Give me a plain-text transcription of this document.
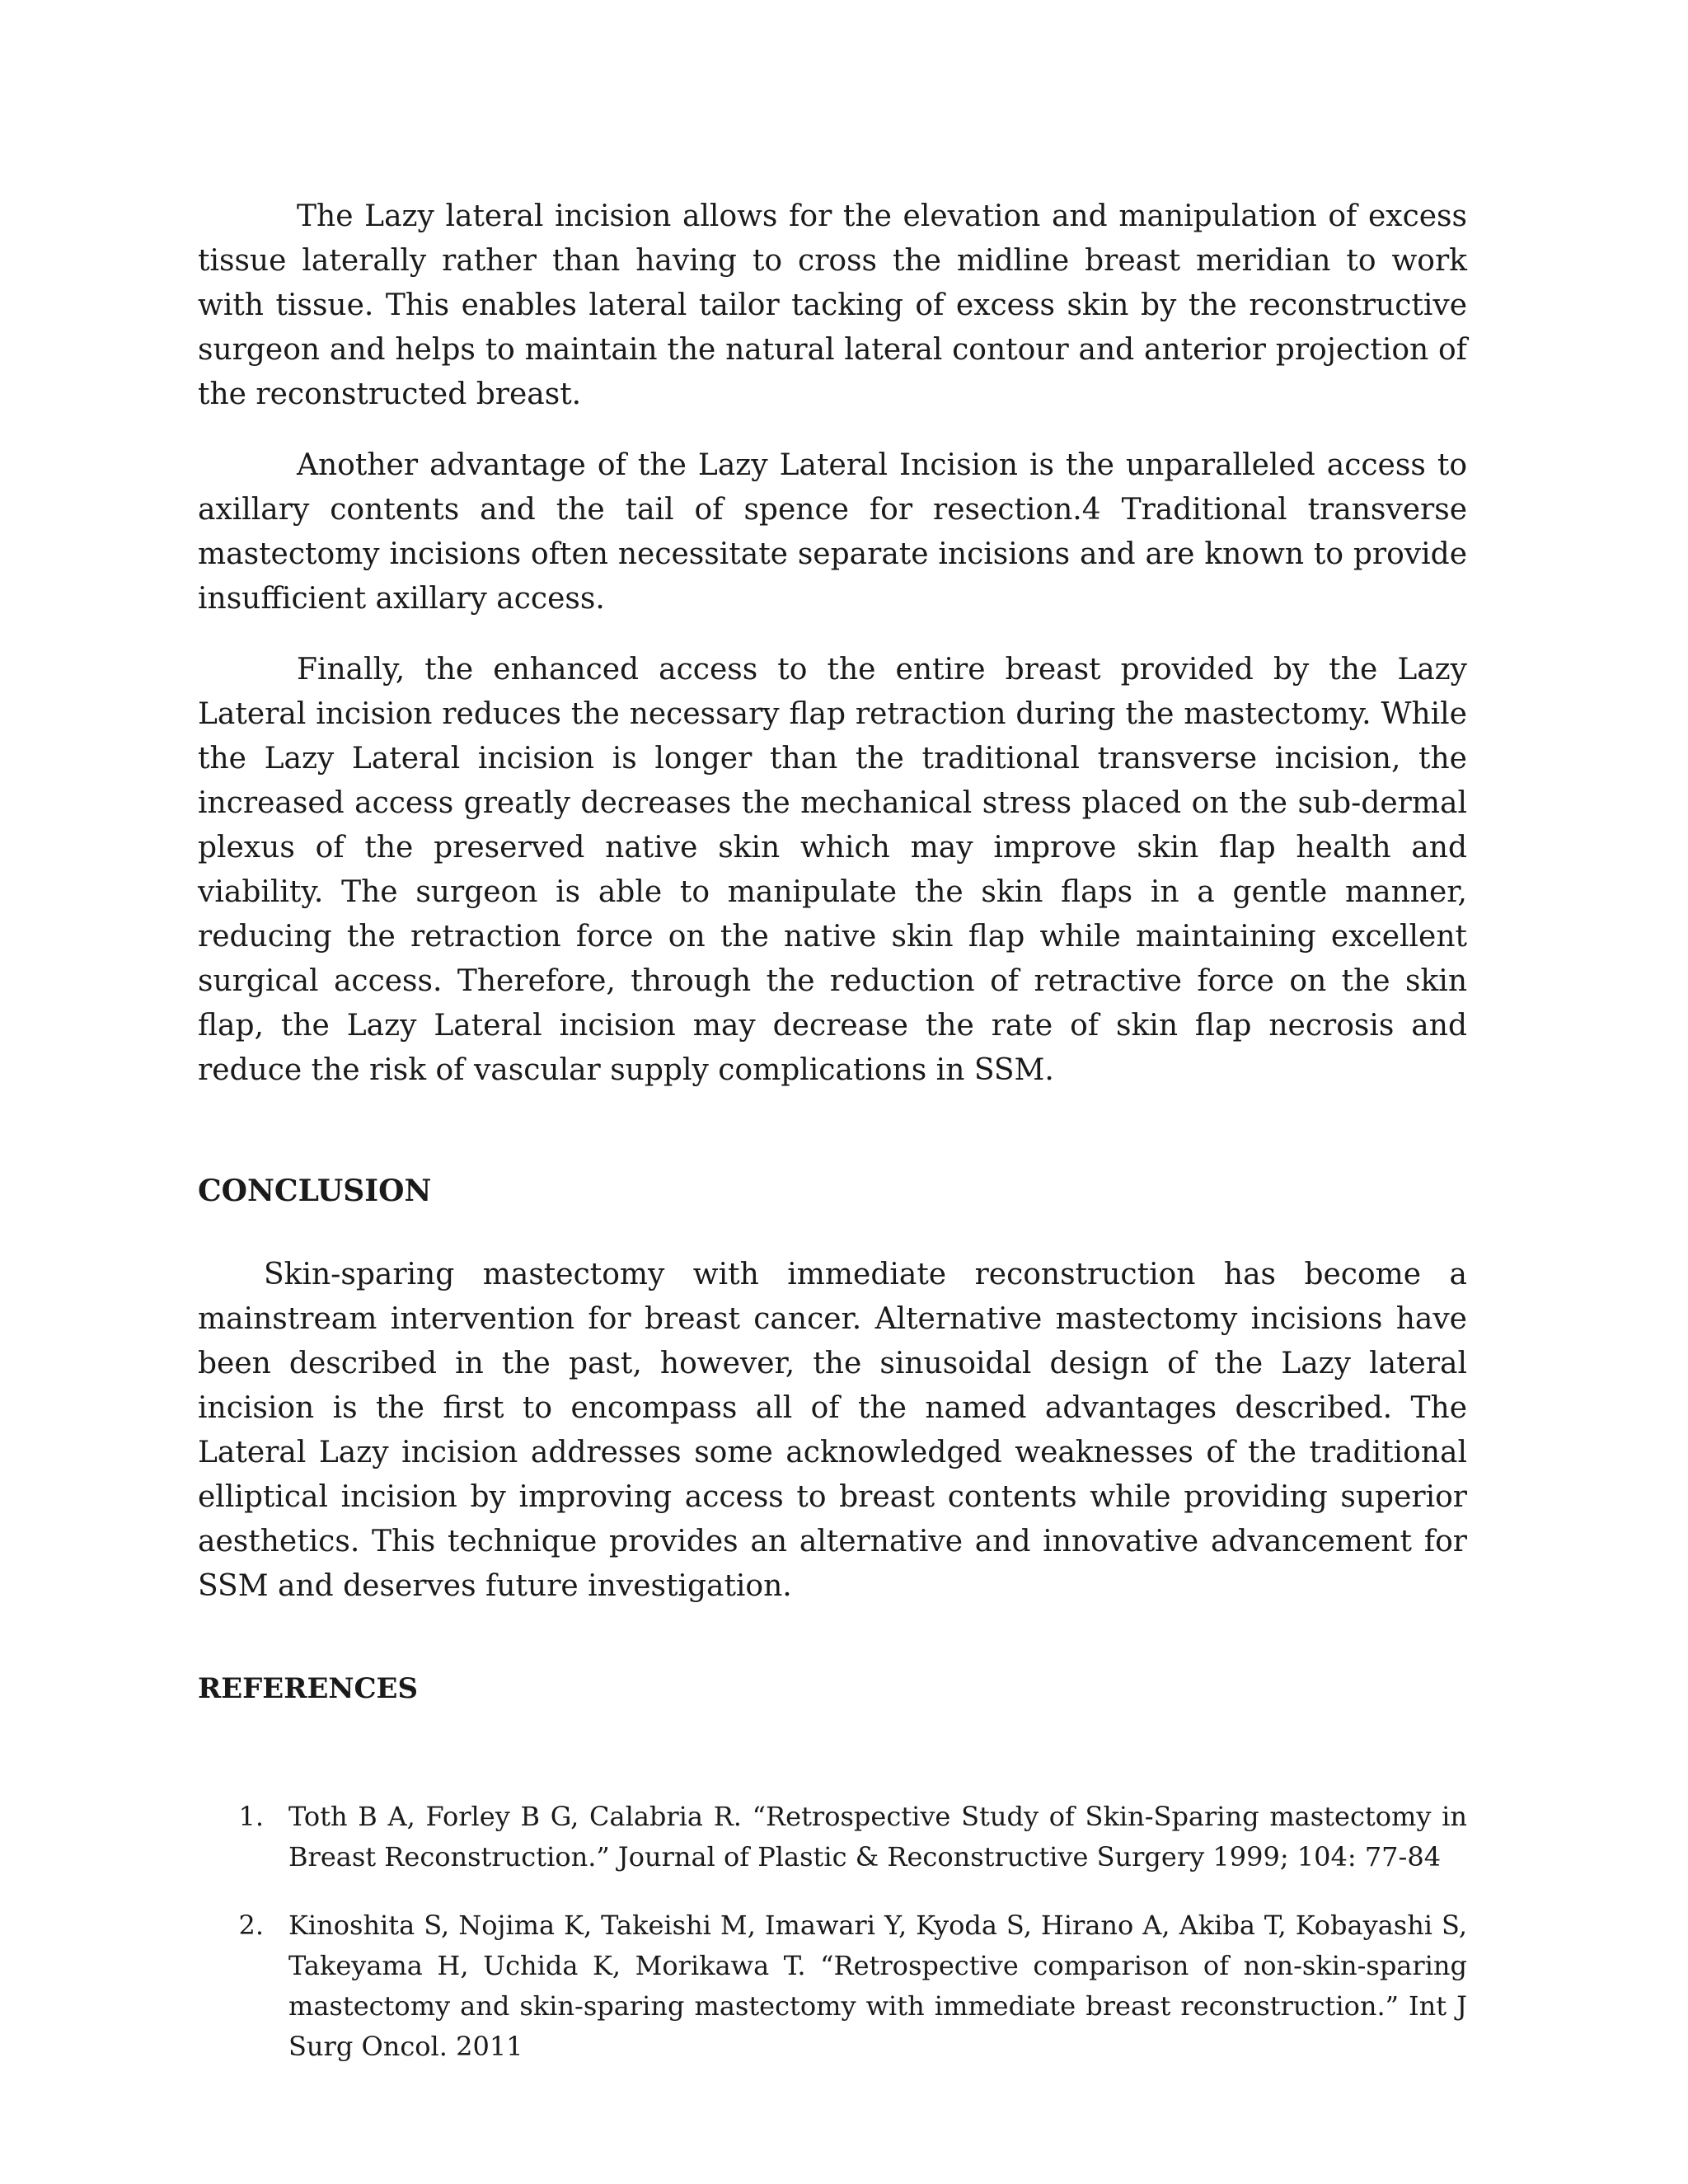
The Lazy lateral incision allows for the elevation and manipulation of excess tissue laterally rather than having to cross the midline breast meridian to work with tissue. This enables lateral tailor tacking of excess skin by the reconstructive surgeon and helps to maintain the natural lateral contour and anterior projection of the reconstructed breast.

Another advantage of the Lazy Lateral Incision is the unparalleled access to axillary contents and the tail of spence for resection.4 Traditional transverse mastectomy incisions often necessitate separate incisions and are known to provide insufficient axillary access.

Finally, the enhanced access to the entire breast provided by the Lazy Lateral incision reduces the necessary flap retraction during the mastectomy. While the Lazy Lateral incision is longer than the traditional transverse incision, the increased access greatly decreases the mechanical stress placed on the sub-dermal plexus of the preserved native skin which may improve skin flap health and viability. The surgeon is able to manipulate the skin flaps in a gentle manner, reducing the retraction force on the native skin flap while maintaining excellent surgical access. Therefore, through the reduction of retractive force on the skin flap, the Lazy Lateral incision may decrease the rate of skin flap necrosis and reduce the risk of vascular supply complications in SSM.

CONCLUSION

Skin-sparing mastectomy with immediate reconstruction has become a mainstream intervention for breast cancer. Alternative mastectomy incisions have been described in the past, however, the sinusoidal design of the Lazy lateral incision is the first to encompass all of the named advantages described. The Lateral Lazy incision addresses some acknowledged weaknesses of the traditional elliptical incision by improving access to breast contents while providing superior aesthetics. This technique provides an alternative and innovative advancement for SSM and deserves future investigation.

REFERENCES
1. Toth B A, Forley B G, Calabria R. “Retrospective Study of Skin-Sparing mastectomy in Breast Reconstruction.” Journal of Plastic & Reconstructive Surgery 1999; 104: 77-84
2. Kinoshita S, Nojima K, Takeishi M, Imawari Y, Kyoda S, Hirano A, Akiba T, Kobayashi S, Takeyama H, Uchida K, Morikawa T. “Retrospective comparison of non-skin-sparing mastectomy and skin-sparing mastectomy with immediate breast reconstruction.” Int J Surg Oncol. 2011
